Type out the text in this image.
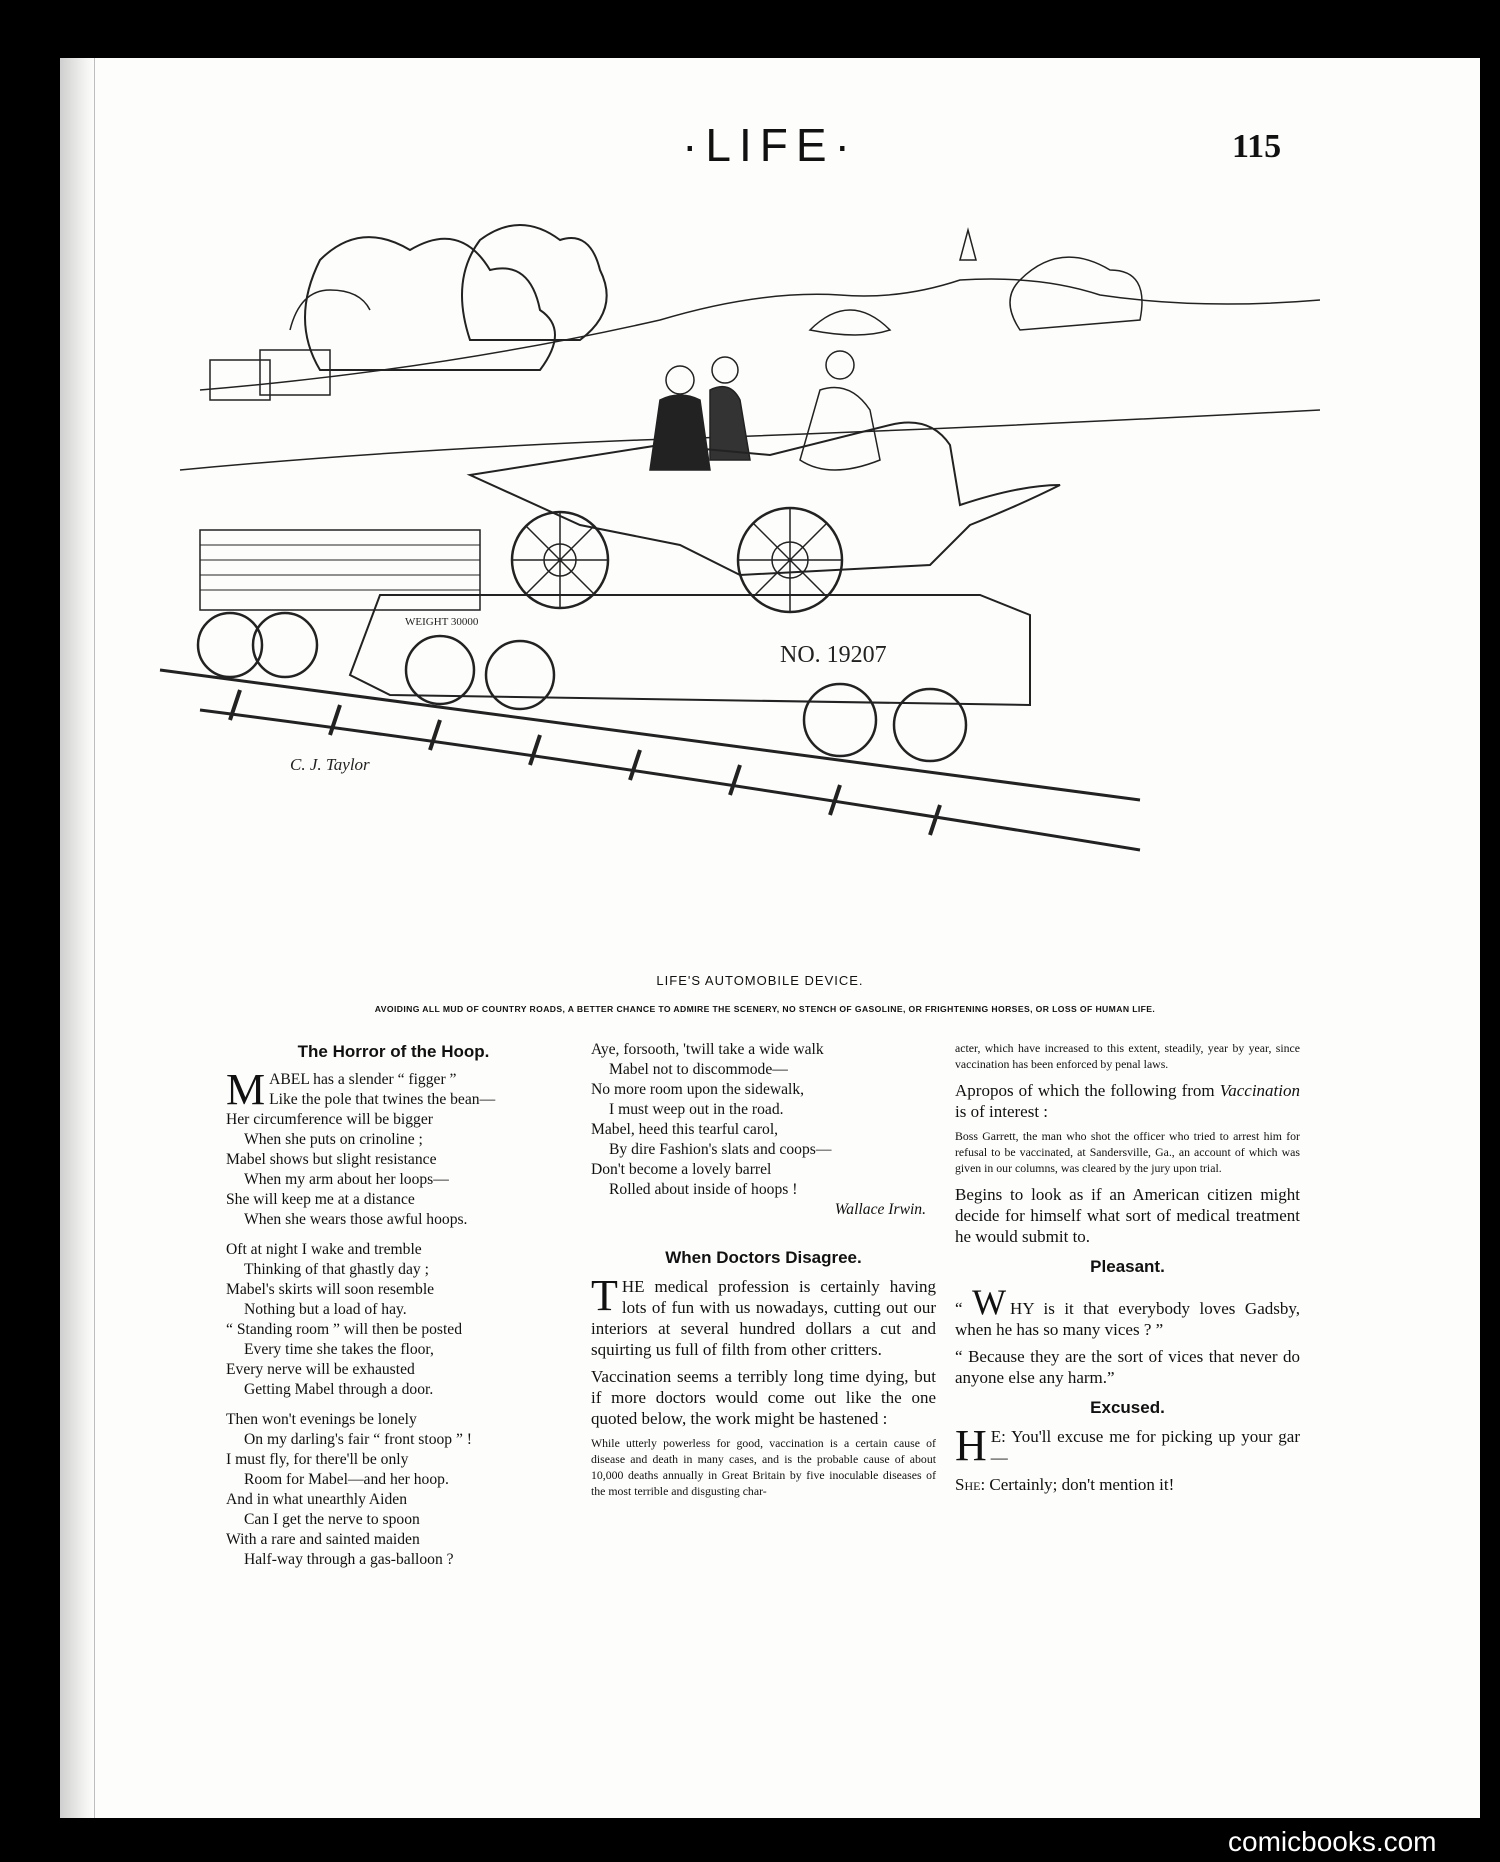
·LIFE·	115
NO. 19207
WEIGHT 30000
C. J. Taylor
LIFE'S AUTOMOBILE DEVICE.
AVOIDING ALL MUD OF COUNTRY ROADS, A BETTER CHANCE TO ADMIRE THE SCENERY, NO STENCH OF GASOLINE, OR FRIGHTENING HORSES, OR LOSS OF HUMAN LIFE.
The Horror of the Hoop.
MABEL has a slender “ figger ”
Like the pole that twines the bean—
Her circumference will be bigger
When she puts on crinoline ;
Mabel shows but slight resistance
When my arm about her loops—
She will keep me at a distance
When she wears those awful hoops.
Oft at night I wake and tremble
Thinking of that ghastly day ;
Mabel's skirts will soon resemble
Nothing but a load of hay.
“ Standing room ” will then be posted
Every time she takes the floor,
Every nerve will be exhausted
Getting Mabel through a door.
Then won't evenings be lonely
On my darling's fair “ front stoop ” !
I must fly, for there'll be only
Room for Mabel—and her hoop.
And in what unearthly Aiden
Can I get the nerve to spoon
With a rare and sainted maiden
Half-way through a gas-balloon ?
Aye, forsooth, 'twill take a wide walk
Mabel not to discommode—
No more room upon the sidewalk,
I must weep out in the road.
Mabel, heed this tearful carol,
By dire Fashion's slats and coops—
Don't become a lovely barrel
Rolled about inside of hoops !
Wallace Irwin.
When Doctors Disagree.
THE medical profession is certainly having lots of fun with us nowadays, cutting out our interiors at several hundred dollars a cut and squirting us full of filth from other critters.
Vaccination seems a terribly long time dying, but if more doctors would come out like the one quoted below, the work might be hastened :
While utterly powerless for good, vaccination is a certain cause of disease and death in many cases, and is the probable cause of about 10,000 deaths annually in Great Britain by five inoculable diseases of the most terrible and disgusting char-
acter, which have increased to this extent, steadily, year by year, since vaccination has been enforced by penal laws.
Apropos of which the following from Vaccination is of interest :
Boss Garrett, the man who shot the officer who tried to arrest him for refusal to be vaccinated, at Sandersville, Ga., an account of which was given in our columns, was cleared by the jury upon trial.
Begins to look as if an American citizen might decide for himself what sort of medical treatment he would submit to.
Pleasant.
“ W HY is it that everybody loves Gadsby, when he has so many vices ? ”
“ Because they are the sort of vices that never do anyone else any harm.”
Excused.
H E: You'll excuse me for picking up your gar—
She: Certainly; don't mention it!
comicbooks.com
